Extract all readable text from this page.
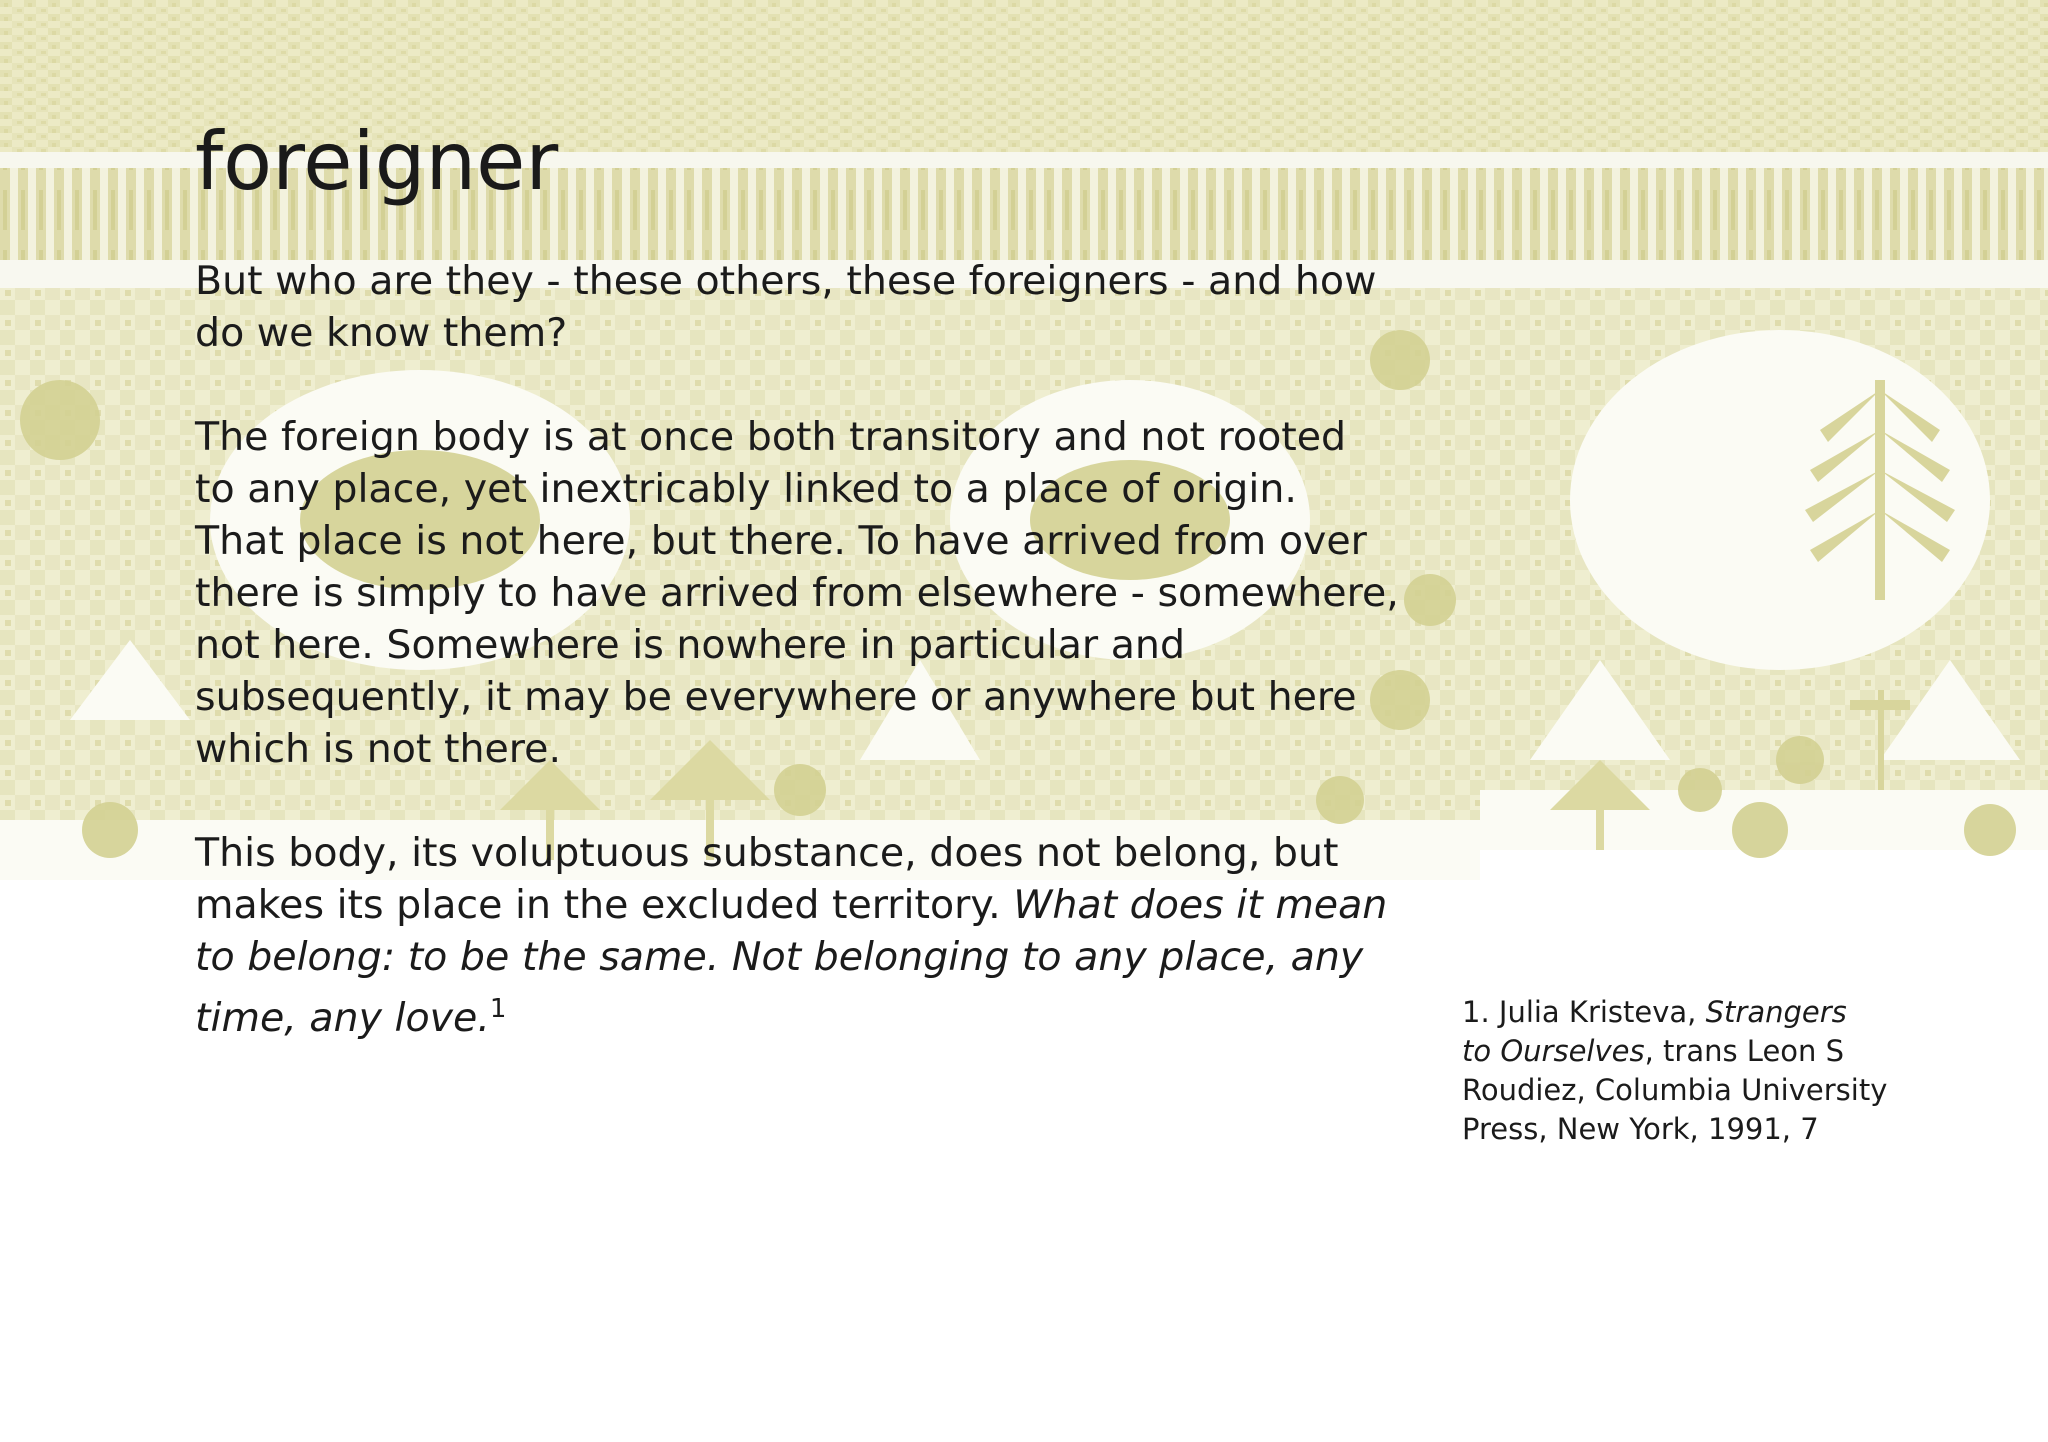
foreigner

But who are they - these others, these foreigners - and how
do we know them?

The foreign body is at once both transitory and not rooted
to any place, yet inextricably linked to a place of origin.
That place is not here, but there. To have arrived from over
there is simply to have arrived from elsewhere - somewhere,
not here. Somewhere is nowhere in particular and
subsequently, it may be everywhere or anywhere but here
which is not there.

This body, its voluptuous substance, does not belong, but
makes its place in the excluded territory. What does it mean
to belong: to be the same. Not belonging to any place, any
time, any love.$^1$	1. Julia Kristeva, Strangers
to Ourselves, trans Leon S
Roudiez, Columbia University
Press, New York, 1991, 7
